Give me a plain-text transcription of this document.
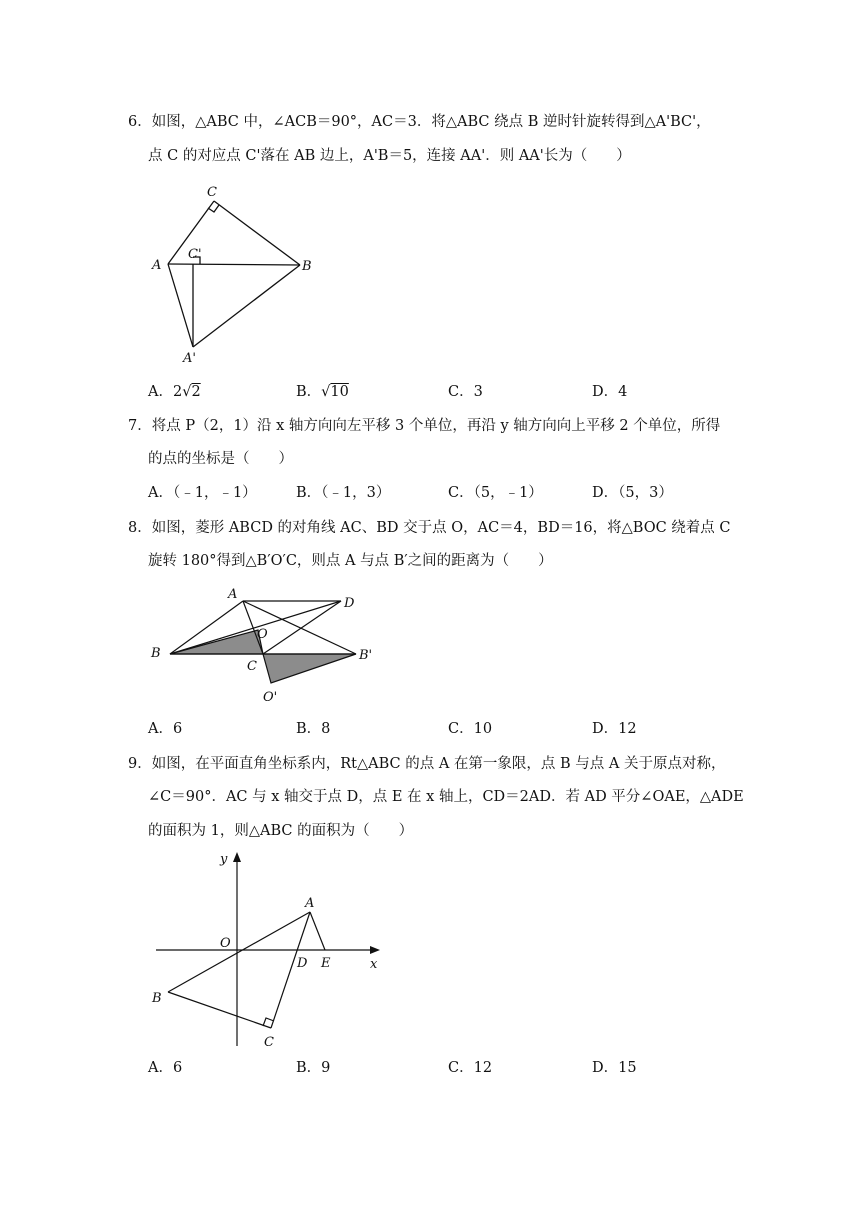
6．如图，△ABC 中，∠ACB＝90°，AC＝3．将△ABC 绕点 B 逆时针旋转得到△A'BC'，
点 C 的对应点 C'落在 AB 边上，A'B＝5，连接 AA'．则 AA'长为（　　）
C
C'
A	B
A'
A．2√2	B．√10	C．3	D．4
7．将点 P（2，1）沿 x 轴方向向左平移 3 个单位，再沿 y 轴方向向上平移 2 个单位，所得
的点的坐标是（　　）
A．（﹣1，﹣1）	B．（﹣1，3）	C．（5，﹣1）	D．（5，3）
8．如图，菱形 ABCD 的对角线 AC、BD 交于点 O，AC＝4，BD＝16，将△BOC 绕着点 C
旋转 180°得到△B′O′C，则点 A 与点 B′之间的距离为（　　）
A
D
O
B
C
B'
O'
A．6	B．8	C．10	D．12
9．如图，在平面直角坐标系内，Rt△ABC 的点 A 在第一象限，点 B 与点 A 关于原点对称，
∠C＝90°．AC 与 x 轴交于点 D，点 E 在 x 轴上，CD＝2AD．若 AD 平分∠OAE，△ADE
的面积为 1，则△ABC 的面积为（　　）
y
x
O
A
D E
B
C
A．6	B．9	C．12	D．15
